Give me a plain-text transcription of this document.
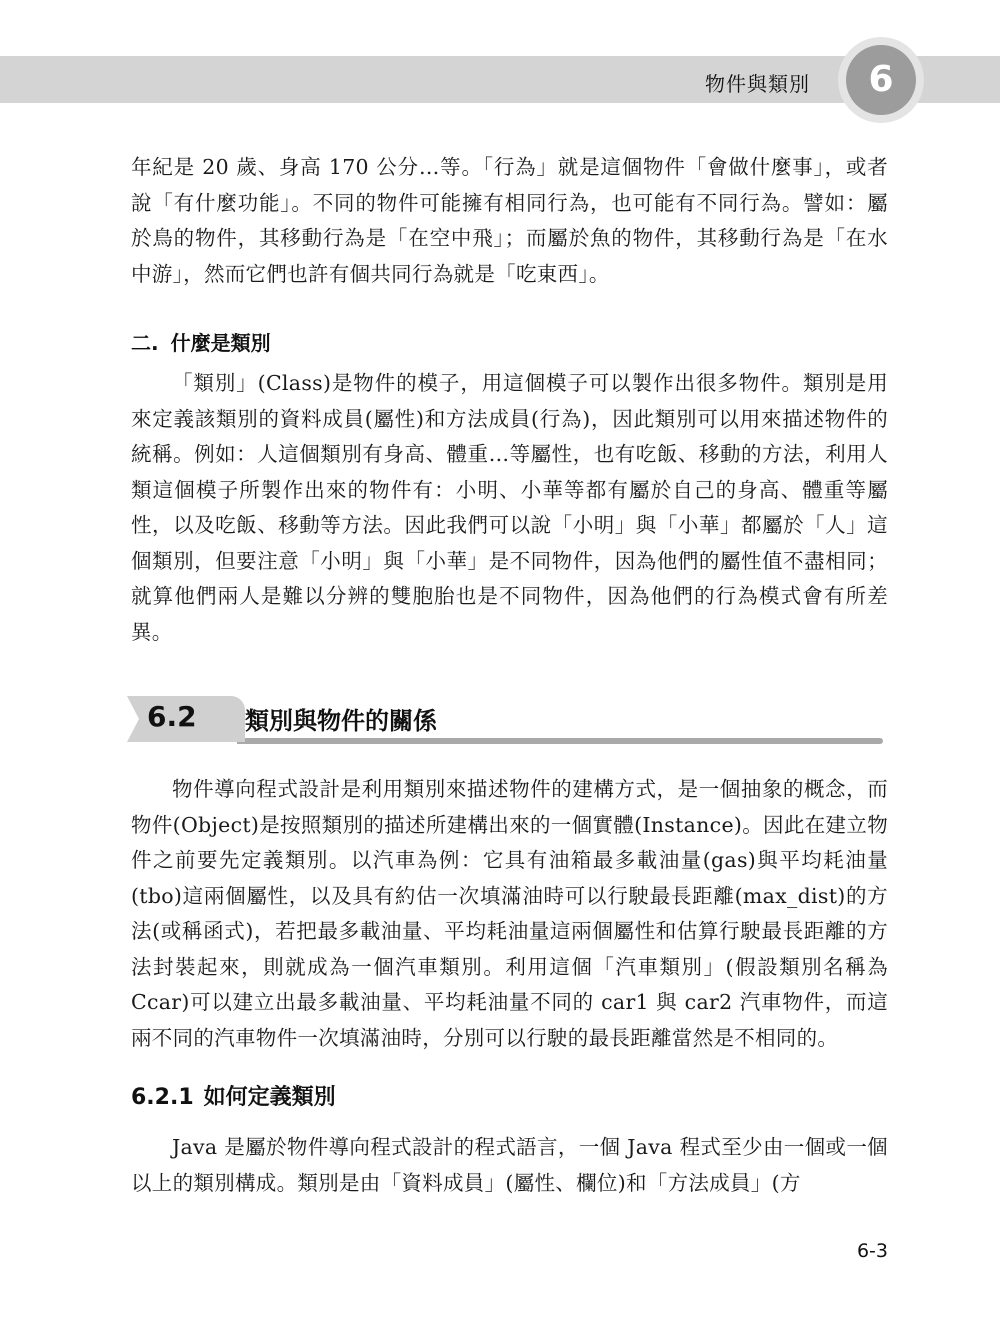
物件與類別	6

年紀是 20 歲、身高 170 公分…等。「行為」就是這個物件「會做什麼事」，或者說「有什麼功能」。不同的物件可能擁有相同行為，也可能有不同行為。譬如：屬於鳥的物件，其移動行為是「在空中飛」；而屬於魚的物件，其移動行為是「在水中游」，然而它們也許有個共同行為就是「吃東西」。

二. 什麼是類別

「類別」(Class)是物件的模子，用這個模子可以製作出很多物件。類別是用來定義該類別的資料成員(屬性)和方法成員(行為)，因此類別可以用來描述物件的統稱。例如：人這個類別有身高、體重…等屬性，也有吃飯、移動的方法，利用人類這個模子所製作出來的物件有：小明、小華等都有屬於自己的身高、體重等屬性，以及吃飯、移動等方法。因此我們可以說「小明」與「小華」都屬於「人」這個類別，但要注意「小明」與「小華」是不同物件，因為他們的屬性值不盡相同；就算他們兩人是難以分辨的雙胞胎也是不同物件，因為他們的行為模式會有所差異。

6.2 類別與物件的關係

物件導向程式設計是利用類別來描述物件的建構方式，是一個抽象的概念，而物件(Object)是按照類別的描述所建構出來的一個實體(Instance)。因此在建立物件之前要先定義類別。以汽車為例：它具有油箱最多載油量(gas)與平均耗油量(tbo)這兩個屬性，以及具有約估一次填滿油時可以行駛最長距離(max_dist)的方法(或稱函式)，若把最多載油量、平均耗油量這兩個屬性和估算行駛最長距離的方法封裝起來，則就成為一個汽車類別。利用這個「汽車類別」(假設類別名稱為 Ccar)可以建立出最多載油量、平均耗油量不同的 car1 與 car2 汽車物件，而這兩不同的汽車物件一次填滿油時，分別可以行駛的最長距離當然是不相同的。

6.2.1 如何定義類別

Java 是屬於物件導向程式設計的程式語言，一個 Java 程式至少由一個或一個以上的類別構成。類別是由「資料成員」(屬性、欄位)和「方法成員」(方

6-3
